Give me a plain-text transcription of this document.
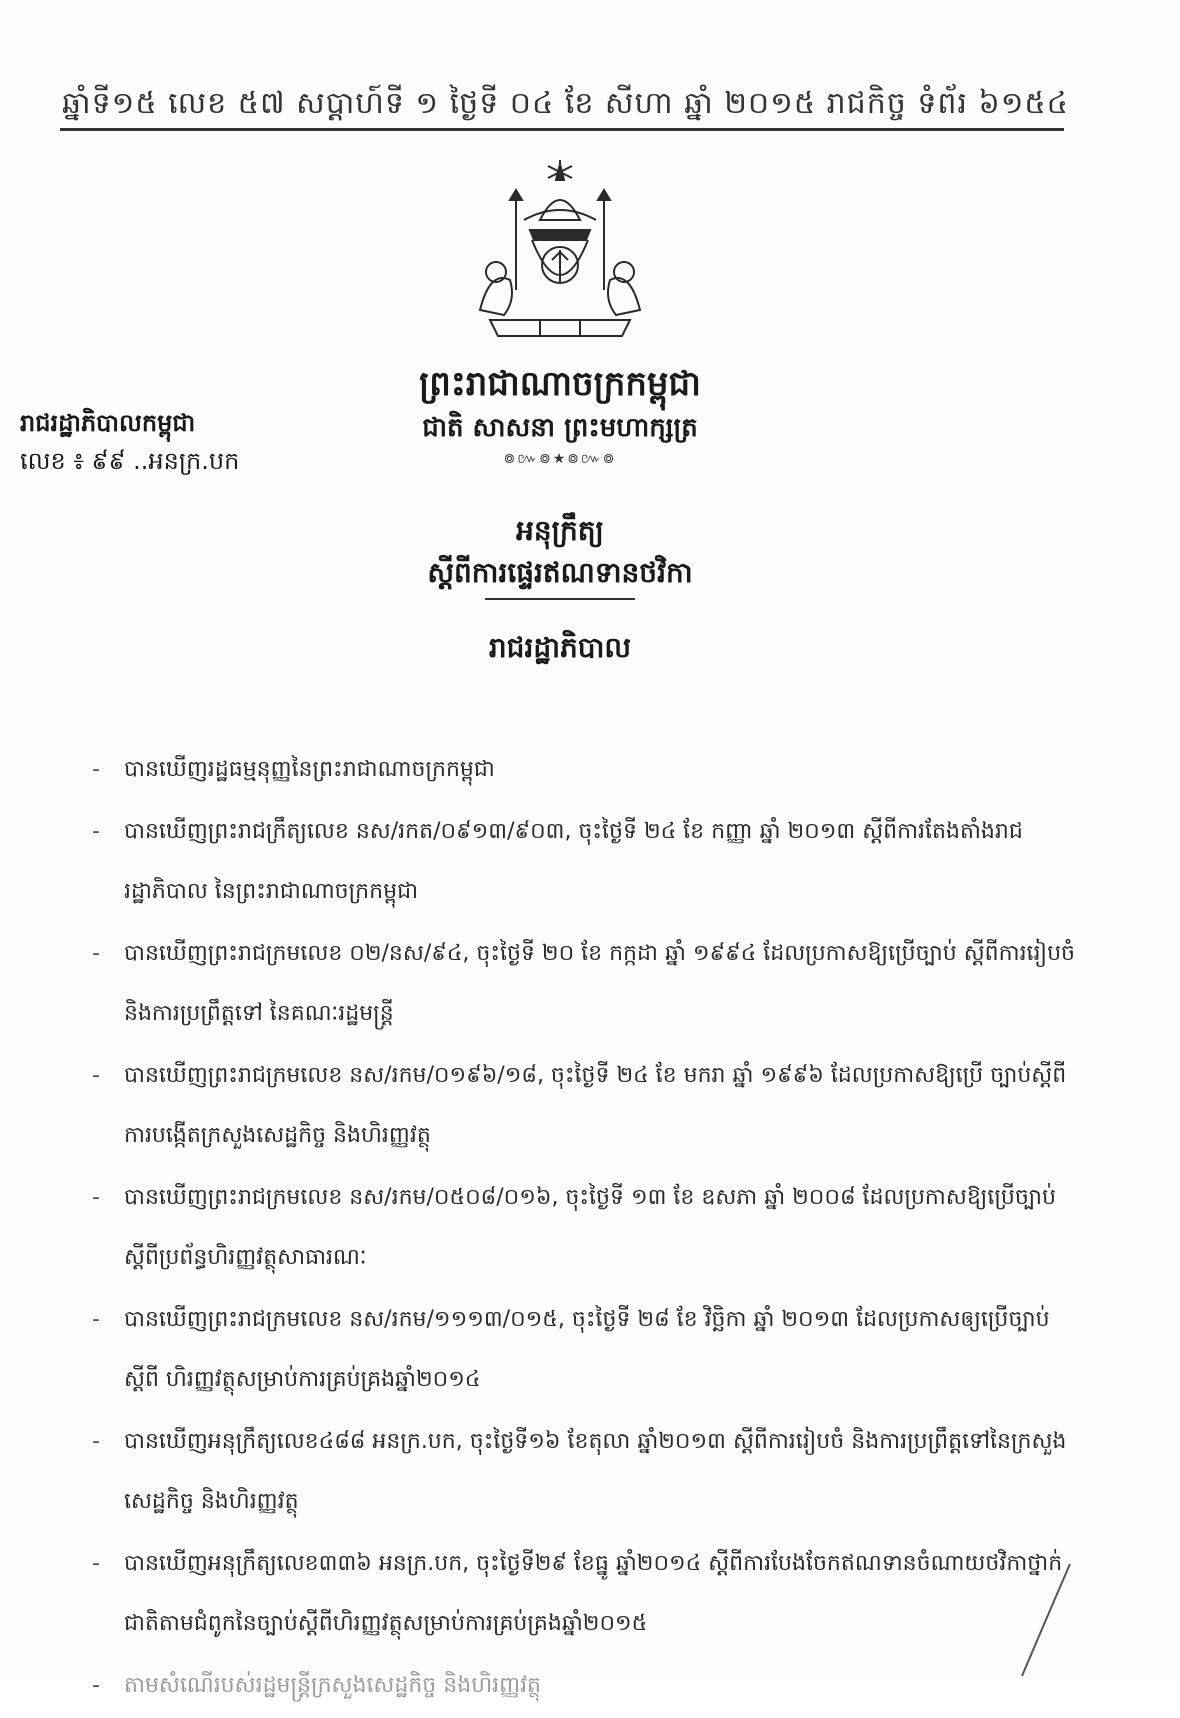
ឆ្នាំទី១៥ លេខ ៥៧ សប្តាហ៍ទី ១ ថ្ងៃទី ០៤ ខែ សីហា ឆ្នាំ ២០១៥ រាជកិច្ច ទំព័រ ៦១៥៤
ព្រះរាជាណាចក្រកម្ពុជា
ជាតិ សាសនា ព្រះមហាក្សត្រ
៙៚៙★៙៚៙
រាជរដ្ឋាភិបាលកម្ពុជា
លេខ ៖ ៩៩ ..អនក្រ.បក
អនុក្រឹត្យ
ស្តីពីការផ្ទេរឥណទានថវិកា
រាជរដ្ឋាភិបាល
- បានឃើញរដ្ឋធម្មនុញ្ញនៃព្រះរាជាណាចក្រកម្ពុជា
- បានឃើញព្រះរាជក្រឹត្យលេខ នស/រកត/០៩១៣/៩០៣, ចុះថ្ងៃទី ២៤ ខែ កញ្ញា ឆ្នាំ ២០១៣ ស្តីពីការតែងតាំងរាជរដ្ឋាភិបាល នៃព្រះរាជាណាចក្រកម្ពុជា
- បានឃើញព្រះរាជក្រមលេខ ០២/នស/៩៤, ចុះថ្ងៃទី ២០ ខែ កក្កដា ឆ្នាំ ១៩៩៤ ដែលប្រកាសឱ្យប្រើច្បាប់ ស្តីពីការរៀបចំ និងការប្រព្រឹត្តទៅ នៃគណៈរដ្ឋមន្ត្រី
- បានឃើញព្រះរាជក្រមលេខ នស/រកម/០១៩៦/១៨, ចុះថ្ងៃទី ២៤ ខែ មករា ឆ្នាំ ១៩៩៦ ដែលប្រកាសឱ្យប្រើ ច្បាប់ស្តីពីការបង្កើតក្រសួងសេដ្ឋកិច្ច និងហិរញ្ញវត្ថុ
- បានឃើញព្រះរាជក្រមលេខ នស/រកម/០៥០៨/០១៦, ចុះថ្ងៃទី ១៣ ខែ ឧសភា ឆ្នាំ ២០០៨ ដែលប្រកាសឱ្យប្រើច្បាប់ស្តីពីប្រព័ន្ធហិរញ្ញវត្ថុសាធារណៈ
- បានឃើញព្រះរាជក្រមលេខ នស/រកម/១១១៣/០១៥, ចុះថ្ងៃទី ២៨ ខែ វិច្ឆិកា ឆ្នាំ ២០១៣ ដែលប្រកាសឲ្យប្រើច្បាប់ស្តីពី ហិរញ្ញវត្ថុសម្រាប់ការគ្រប់គ្រងឆ្នាំ២០១៤
- បានឃើញអនុក្រឹត្យលេខ៤៨៨ អនក្រ.បក, ចុះថ្ងៃទី១៦ ខែតុលា ឆ្នាំ២០១៣ ស្តីពីការរៀបចំ និងការប្រព្រឹត្តទៅនៃក្រសួងសេដ្ឋកិច្ច និងហិរញ្ញវត្ថុ
- បានឃើញអនុក្រឹត្យលេខ៣៣៦ អនក្រ.បក, ចុះថ្ងៃទី២៩ ខែធ្នូ ឆ្នាំ២០១៤ ស្តីពីការបែងចែកឥណទានចំណាយថវិកាថ្នាក់ជាតិតាមជំពូកនៃច្បាប់ស្តីពីហិរញ្ញវត្ថុសម្រាប់ការគ្រប់គ្រងឆ្នាំ២០១៥
- តាមសំណើរបស់រដ្ឋមន្ត្រីក្រសួងសេដ្ឋកិច្ច និងហិរញ្ញវត្ថុ
